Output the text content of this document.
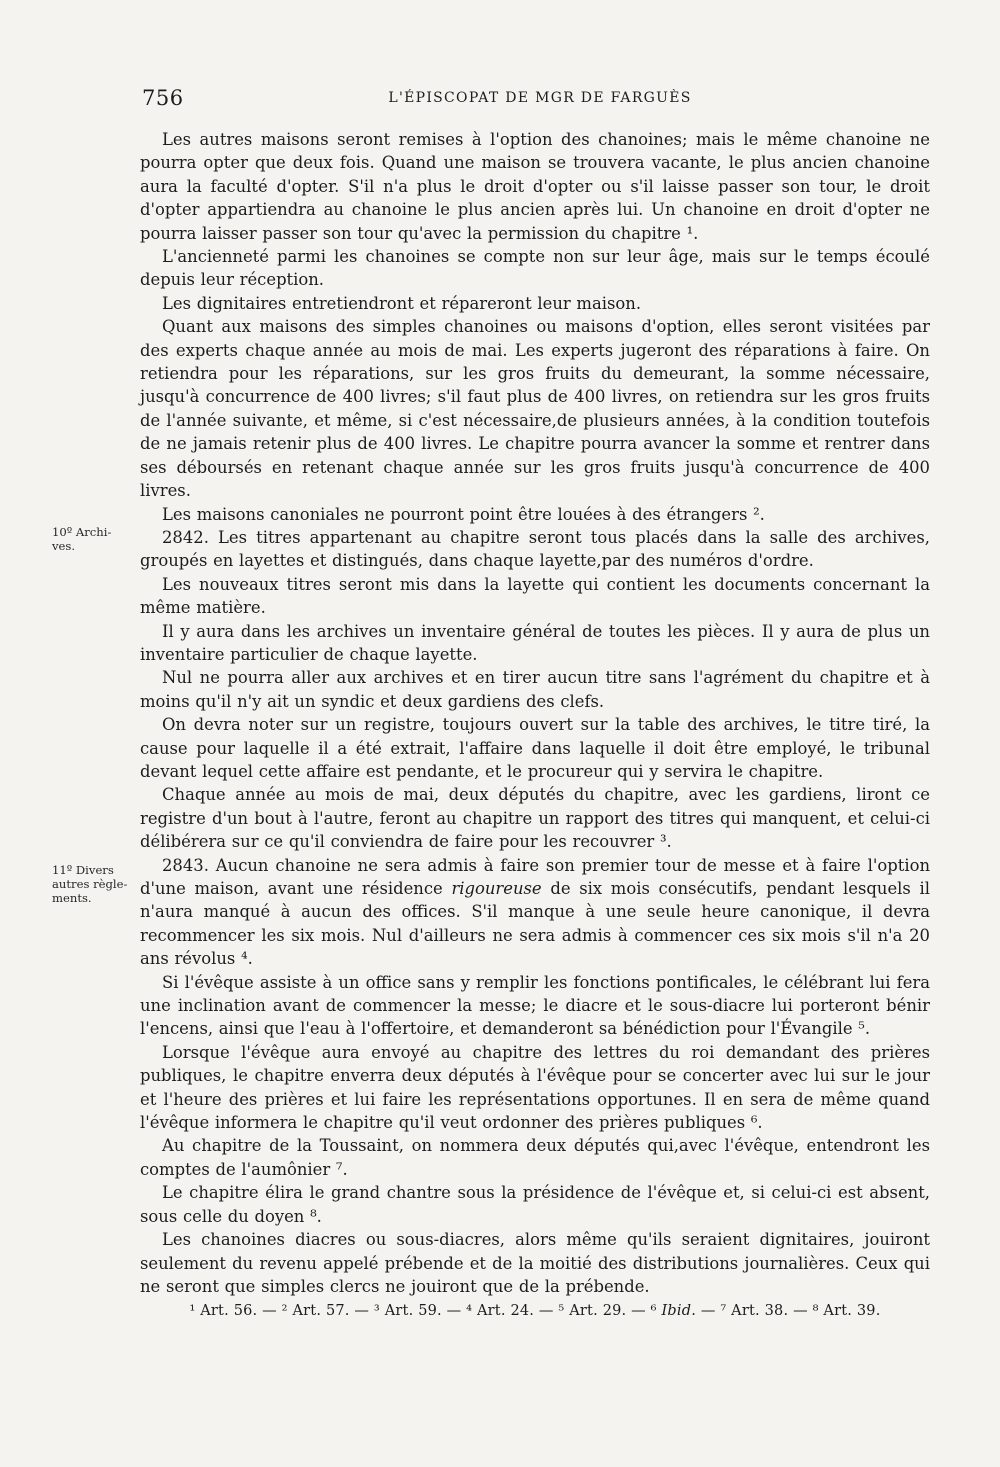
756	L'ÉPISCOPAT DE MGR DE FARGUÈS
10º Archi-
ves.
11º Divers
autres règle-
ments.

Les autres maisons seront remises à l'option des chanoines; mais le même chanoine ne pourra opter que deux fois. Quand une maison se trouvera vacante, le plus ancien chanoine aura la faculté d'opter. S'il n'a plus le droit d'opter ou s'il laisse passer son tour, le droit d'opter appartiendra au chanoine le plus ancien après lui. Un chanoine en droit d'opter ne pourra laisser passer son tour qu'avec la permission du chapitre ¹.

L'ancienneté parmi les chanoines se compte non sur leur âge, mais sur le temps écoulé depuis leur réception.

Les dignitaires entretiendront et répareront leur maison.

Quant aux maisons des simples chanoines ou maisons d'option, elles seront visitées par des experts chaque année au mois de mai. Les experts jugeront des réparations à faire. On retiendra pour les réparations, sur les gros fruits du demeurant, la somme nécessaire, jusqu'à concurrence de 400 livres; s'il faut plus de 400 livres, on retiendra sur les gros fruits de l'année suivante, et même, si c'est nécessaire,de plusieurs années, à la condition toutefois de ne jamais retenir plus de 400 livres. Le chapitre pourra avancer la somme et rentrer dans ses déboursés en retenant chaque année sur les gros fruits jusqu'à concurrence de 400 livres.

Les maisons canoniales ne pourront point être louées à des étrangers ².

2842. Les titres appartenant au chapitre seront tous placés dans la salle des archives, groupés en layettes et distingués, dans chaque layette,par des numéros d'ordre.

Les nouveaux titres seront mis dans la layette qui contient les documents concernant la même matière.

Il y aura dans les archives un inventaire général de toutes les pièces. Il y aura de plus un inventaire particulier de chaque layette.

Nul ne pourra aller aux archives et en tirer aucun titre sans l'agrément du chapitre et à moins qu'il n'y ait un syndic et deux gardiens des clefs.

On devra noter sur un registre, toujours ouvert sur la table des archives, le titre tiré, la cause pour laquelle il a été extrait, l'affaire dans laquelle il doit être employé, le tribunal devant lequel cette affaire est pendante, et le procureur qui y servira le chapitre.

Chaque année au mois de mai, deux députés du chapitre, avec les gardiens, liront ce registre d'un bout à l'autre, feront au chapitre un rapport des titres qui manquent, et celui-ci délibérera sur ce qu'il conviendra de faire pour les recouvrer ³.

2843. Aucun chanoine ne sera admis à faire son premier tour de messe et à faire l'option d'une maison, avant une résidence rigoureuse de six mois consécutifs, pendant lesquels il n'aura manqué à aucun des offices. S'il manque à une seule heure canonique, il devra recommencer les six mois. Nul d'ailleurs ne sera admis à commencer ces six mois s'il n'a 20 ans révolus ⁴.

Si l'évêque assiste à un office sans y remplir les fonctions pontificales, le célébrant lui fera une inclination avant de commencer la messe; le diacre et le sous-diacre lui porteront bénir l'encens, ainsi que l'eau à l'offertoire, et demanderont sa bénédiction pour l'Évangile ⁵.

Lorsque l'évêque aura envoyé au chapitre des lettres du roi demandant des prières publiques, le chapitre enverra deux députés à l'évêque pour se concerter avec lui sur le jour et l'heure des prières et lui faire les représentations opportunes. Il en sera de même quand l'évêque informera le chapitre qu'il veut ordonner des prières publiques ⁶.

Au chapitre de la Toussaint, on nommera deux députés qui,avec l'évêque, entendront les comptes de l'aumônier ⁷.

Le chapitre élira le grand chantre sous la présidence de l'évêque et, si celui-ci est absent, sous celle du doyen ⁸.

Les chanoines diacres ou sous-diacres, alors même qu'ils seraient dignitaires, jouiront seulement du revenu appelé prébende et de la moitié des distributions journalières. Ceux qui ne seront que simples clercs ne jouiront que de la prébende.

¹ Art. 56. — ² Art. 57. — ³ Art. 59. — ⁴ Art. 24. — ⁵ Art. 29. — ⁶ Ibid. — ⁷ Art. 38. — ⁸ Art. 39.
